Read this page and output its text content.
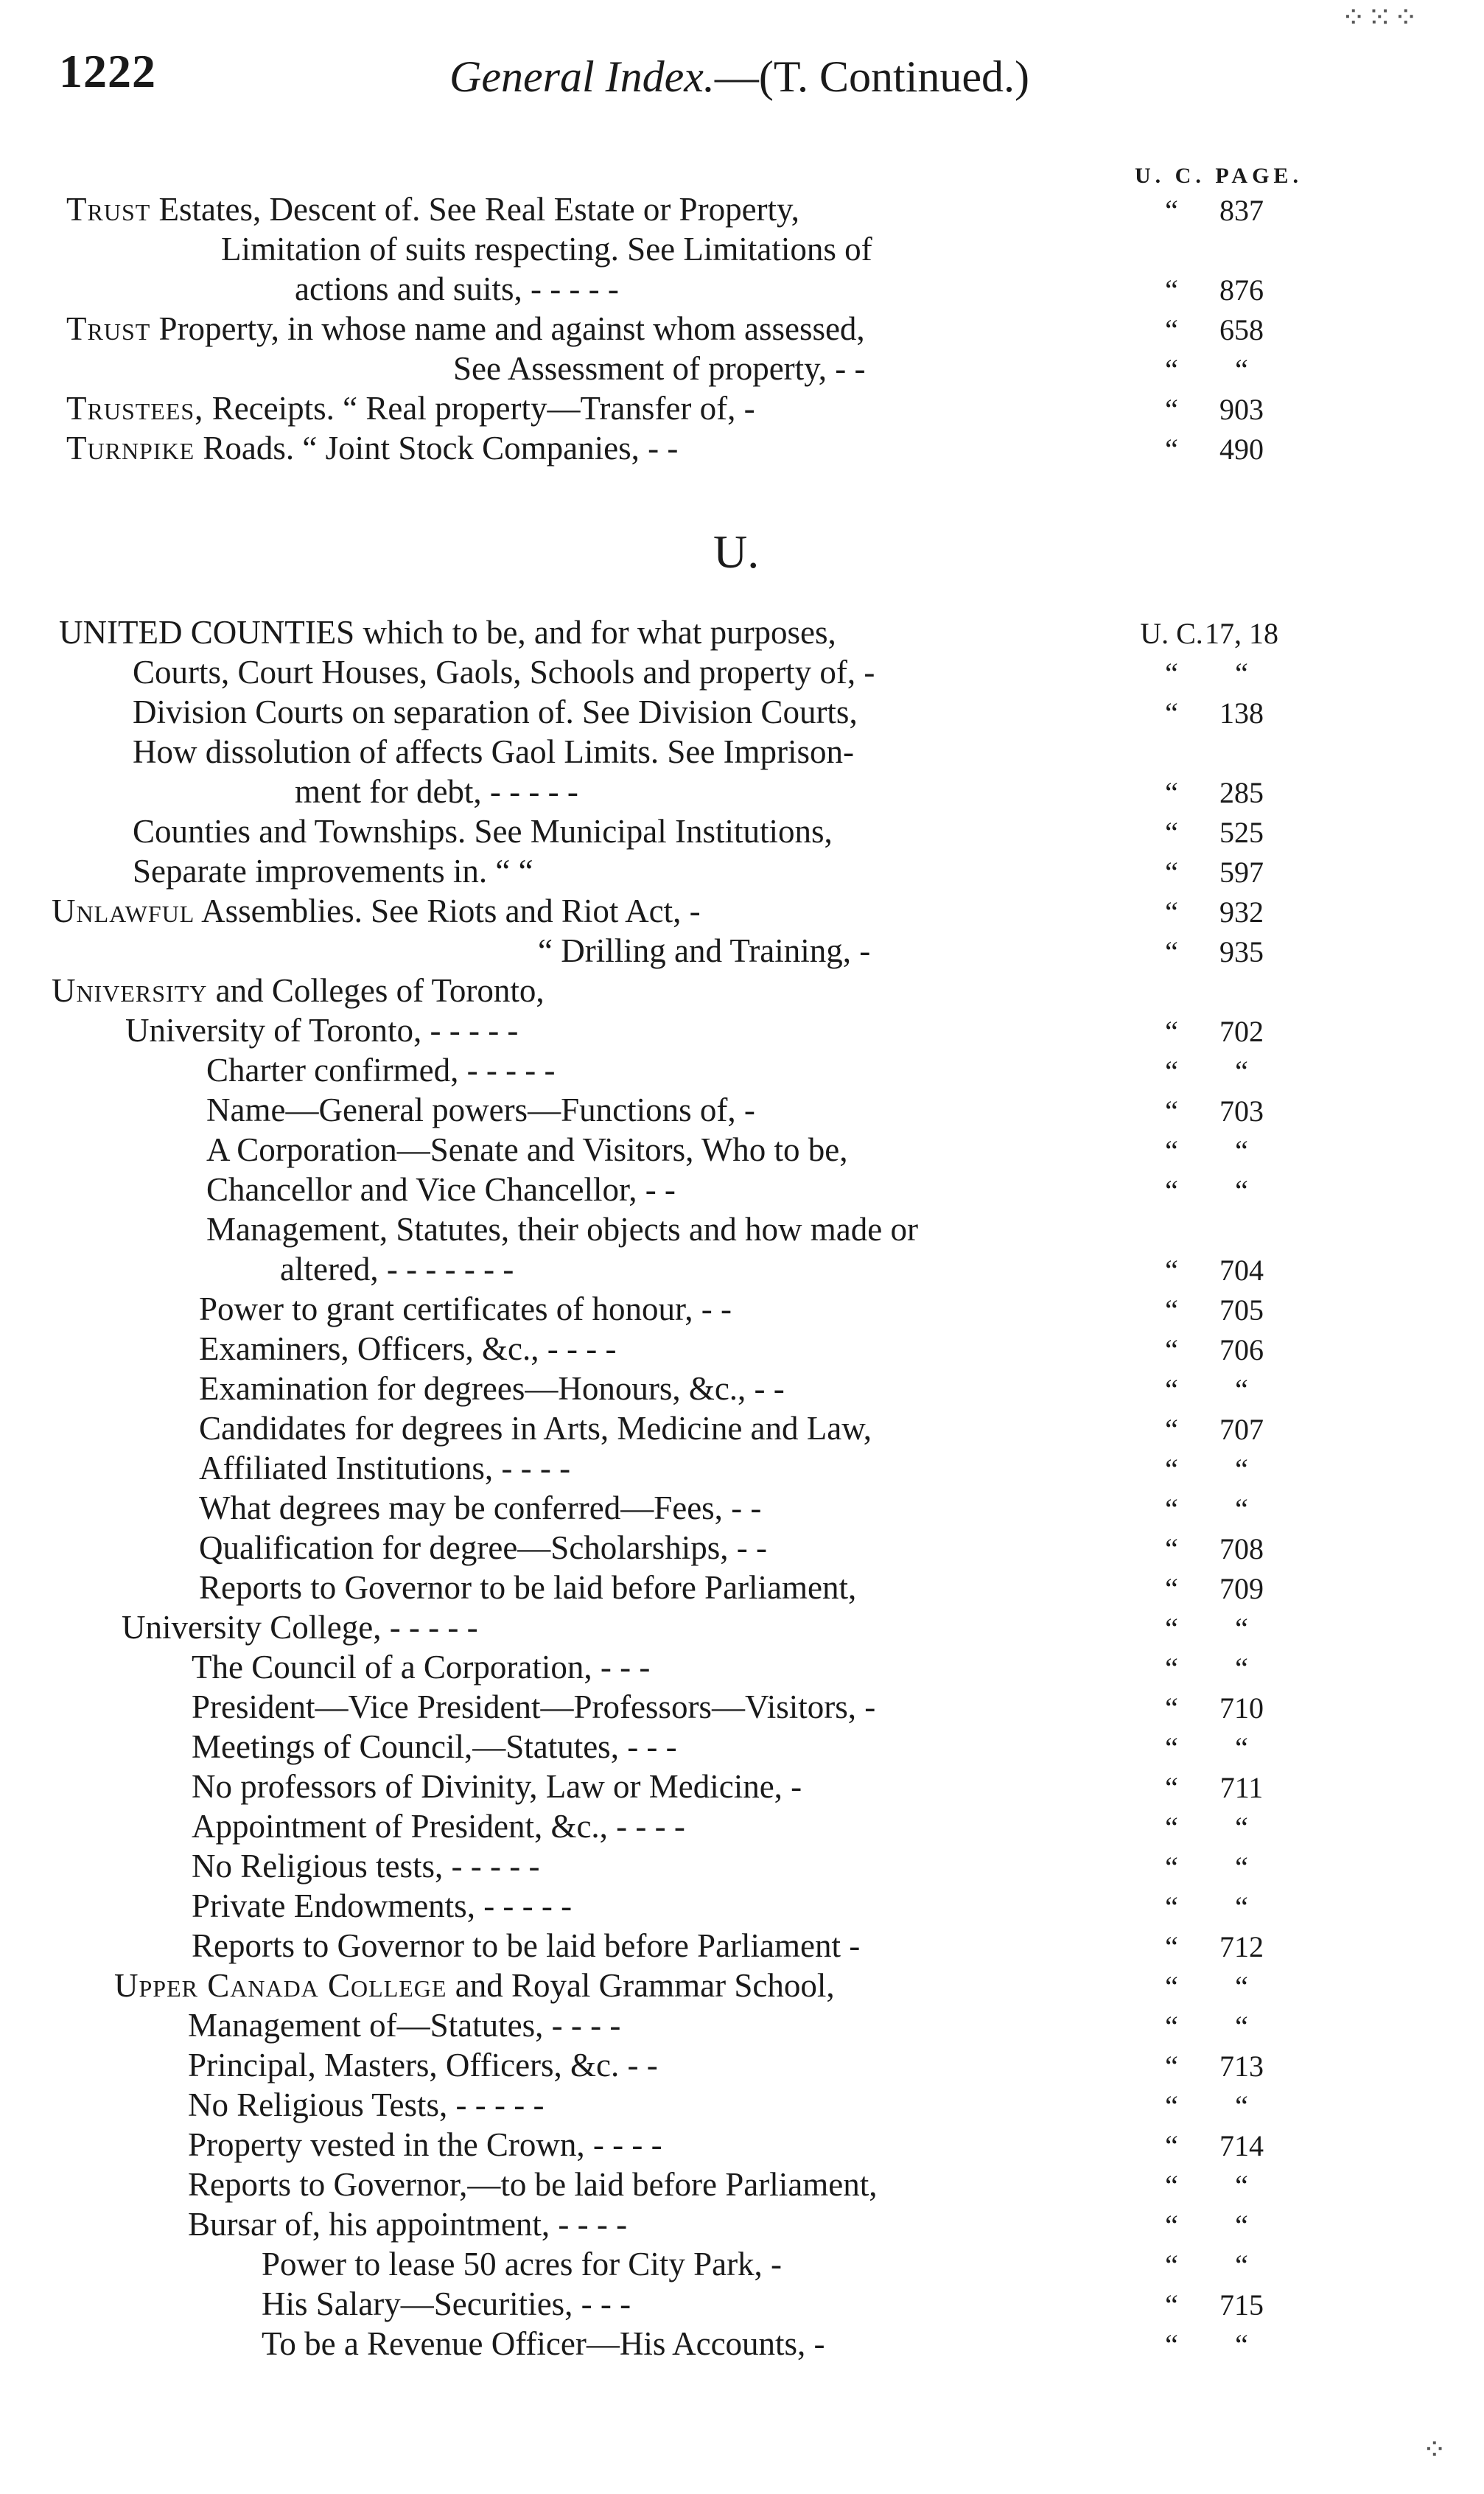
⁘⁙⁘
1222	General Index.—(T. Continued.)
U. C. PAGE.
Trust Estates, Descent of. See Real Estate or Property,	“	837
Limitation of suits respecting. See Limitations of
actions and suits, - - - - -	“	876
Trust Property, in whose name and against whom assessed,	“	658
See Assessment of property, - -	“	“
Trustees, Receipts. “ Real property—Transfer of, -	“	903
Turnpike Roads. “ Joint Stock Companies, - -	“	490
U.
UNITED COUNTIES which to be, and for what purposes,	U. C. 17, 18
Courts, Court Houses, Gaols, Schools and property of, -	“	“
Division Courts on separation of. See Division Courts,	“	138
How dissolution of affects Gaol Limits. See Imprison-
ment for debt, - - - - -	“	285
Counties and Townships. See Municipal Institutions,	“	525
Separate improvements in. “ “	“	597
Unlawful Assemblies. See Riots and Riot Act, -	“	932
“ Drilling and Training, -	“	935
University and Colleges of Toronto,
University of Toronto, - - - - -	“	702
Charter confirmed, - - - - -	“	“
Name—General powers—Functions of, -	“	703
A Corporation—Senate and Visitors, Who to be,	“	“
Chancellor and Vice Chancellor, - -	“	“
Management, Statutes, their objects and how made or
altered, - - - - - - -	“	704
Power to grant certificates of honour, - -	“	705
Examiners, Officers, &c., - - - -	“	706
Examination for degrees—Honours, &c., - -	“	“
Candidates for degrees in Arts, Medicine and Law,	“	707
Affiliated Institutions, - - - -	“	“
What degrees may be conferred—Fees, - -	“	“
Qualification for degree—Scholarships, - -	“	708
Reports to Governor to be laid before Parliament,	“	709
University College, - - - - -	“	“
The Council of a Corporation, - - -	“	“
President—Vice President—Professors—Visitors, -	“	710
Meetings of Council,—Statutes, - - -	“	“
No professors of Divinity, Law or Medicine, -	“	711
Appointment of President, &c., - - - -	“	“
No Religious tests, - - - - -	“	“
Private Endowments, - - - - -	“	“
Reports to Governor to be laid before Parliament -	“	712
Upper Canada College and Royal Grammar School,	“	“
Management of—Statutes, - - - -	“	“
Principal, Masters, Officers, &c. - -	“	713
No Religious Tests, - - - - -	“	“
Property vested in the Crown, - - - -	“	714
Reports to Governor,—to be laid before Parliament,	“	“
Bursar of, his appointment, - - - -	“	“
Power to lease 50 acres for City Park, -	“	“
His Salary—Securities, - - -	“	715
To be a Revenue Officer—His Accounts, -	“	“
⁘
